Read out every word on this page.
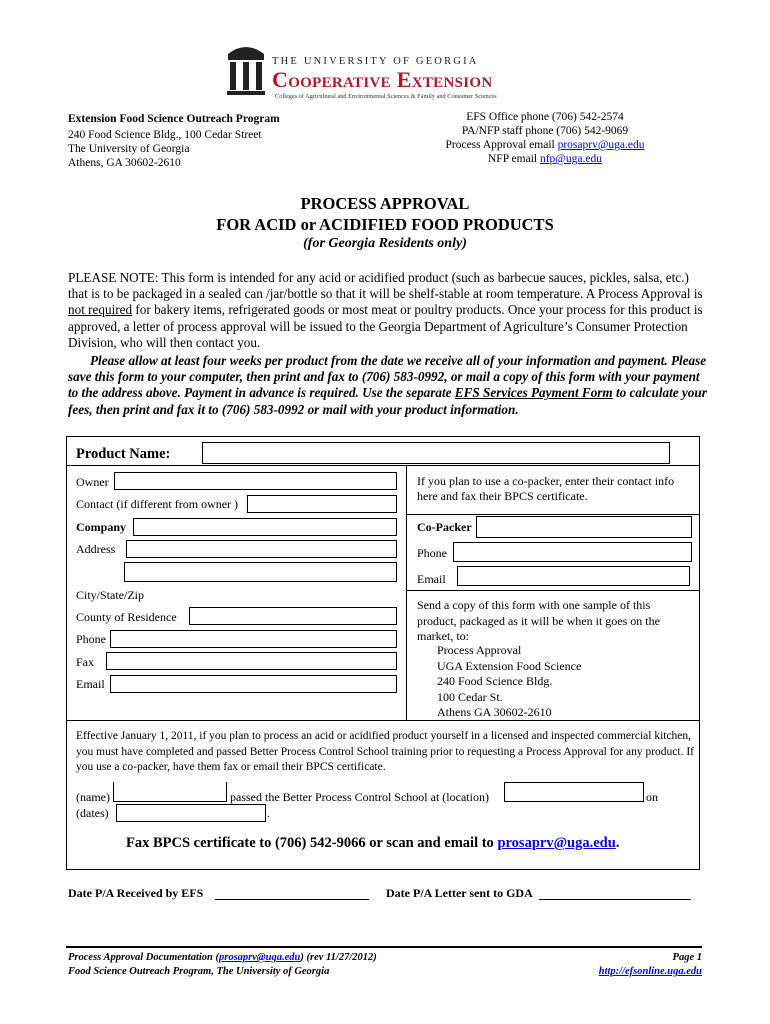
THE UNIVERSITY OF GEORGIA
Cooperative Extension
Colleges of Agricultural and Environmental Sciences & Family and Consumer Sciences
Extension Food Science Outreach Program
240 Food Science Bldg., 100 Cedar Street
The University of Georgia
Athens, GA 30602-2610
EFS Office phone (706) 542-2574
PA/NFP staff phone (706) 542-9069
Process Approval email prosaprv@uga.edu
NFP email nfp@uga.edu
PROCESS APPROVAL
FOR ACID or ACIDIFIED FOOD PRODUCTS
(for Georgia Residents only)
PLEASE NOTE: This form is intended for any acid or acidified product (such as barbecue sauces, pickles, salsa, etc.) that is to be packaged in a sealed can /jar/bottle so that it will be shelf-stable at room temperature. A Process Approval is not required for bakery items, refrigerated goods or most meat or poultry products. Once your process for this product is approved, a letter of process approval will be issued to the Georgia Department of Agriculture’s Consumer Protection Division, who will then contact you.
Please allow at least four weeks per product from the date we receive all of your information and payment. Please save this form to your computer, then print and fax to (706) 583-0992, or mail a copy of this form with your payment to the address above. Payment in advance is required. Use the separate EFS Services Payment Form to calculate your fees, then print and fax it to (706) 583-0992 or mail with your product information.
Product Name:
Owner
Contact (if different from owner )
Company
Address
City/State/Zip
County of Residence
Phone
Fax
Email
If you plan to use a co-packer, enter their contact info here and fax their BPCS certificate.
Co-Packer
Phone
Email
Send a copy of this form with one sample of this product, packaged as it will be when it goes on the market, to:
Process Approval
UGA Extension Food Science
240 Food Science Bldg.
100 Cedar St.
Athens GA 30602-2610
Effective January 1, 2011, if you plan to process an acid or acidified product yourself in a licensed and inspected commercial kitchen, you must have completed and passed Better Process Control School training prior to requesting a Process Approval for any product. If you use a co-packer, have them fax or email their BPCS certificate.
(name)	passed the Better Process Control School at (location)	on
(dates)	.
Fax BPCS certificate to (706) 542-9066 or scan and email to prosaprv@uga.edu.
Date P/A Received by EFS	Date P/A Letter sent to GDA
Process Approval Documentation (prosaprv@uga.edu) (rev 11/27/2012)
Food Science Outreach Program, The University of Georgia
Page 1
http://efsonline.uga.edu
